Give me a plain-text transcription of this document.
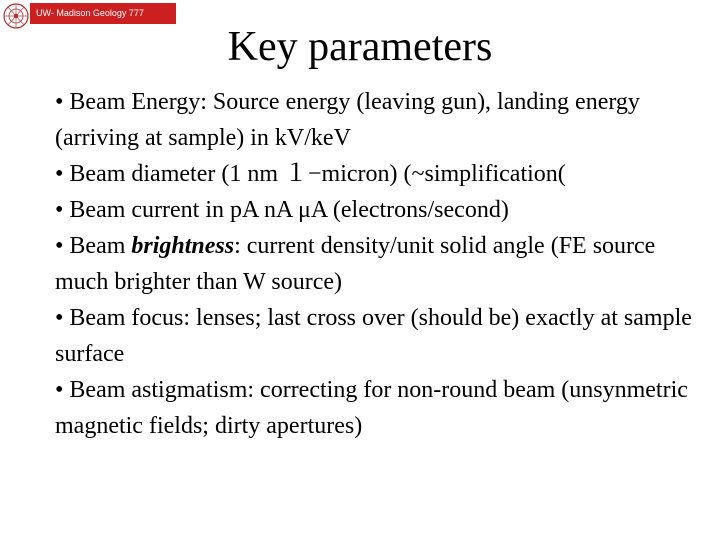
UW- Madison Geology 777
Key parameters

• Beam Energy: Source energy (leaving gun), landing energy (arriving at sample) in kV/keV

• Beam diameter (1 nm １−micron) (~simplification(

• Beam current in pA nA μA (electrons/second)

• Beam brightness: current density/unit solid angle (FE source much brighter than W source)

• Beam focus: lenses; last cross over (should be) exactly at sample surface

• Beam astigmatism: correcting for non-round beam (unsynmetric magnetic fields; dirty apertures)
